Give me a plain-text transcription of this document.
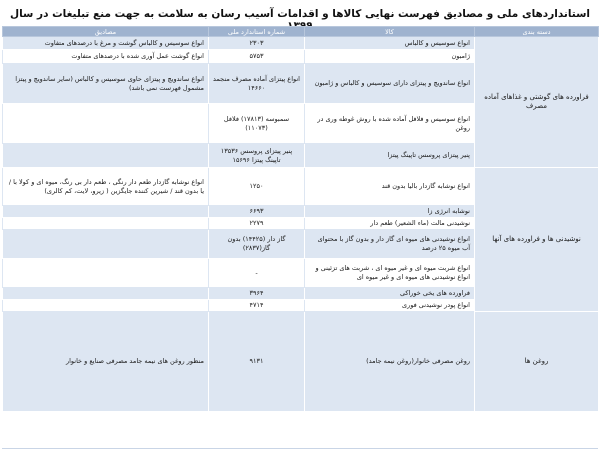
استانداردهای ملی و مصادیق فهرست نهایی کالاها و اقدامات آسیب رسان به سلامت به جهت منع تبلیغات در سال
دسته بندی	کالا	شماره استاندارد ملی	مصادیق
فراورده های گوشتی و غذاهای آماده مصرف	انواع سوسیس و کالباس	۲۳۰۳	انواع سوسیس و کالباس گوشت و مرغ با درصدهای متفاوت
	ژامبون	۵۷۵۳	انواع گوشت عمل آوری شده با درصدهای متفاوت
	انواع ساندویچ و پیتزای دارای سوسیس و کالباس و ژامبون	انواع پیتزای آماده مصرف منجمد ۱۴۶۶۰	انواع ساندویچ و پیتزای حاوی سوسیس و کالباس (سایر ساندویچ و پیتزا مشمول فهرست نمی باشد)
	انواع سوسیس و فلافل آماده شده با روش غوطه وری در روغن	سمبوسه (۱۷۸۱۳) فلافل (۱۱۰۷۳)	
	پنیر پیتزای پروسس تاپینگ پیتزا	پنیر پیتزای پروسس ۱۳۵۳۶ تاپینگ پیتزا ۱۵۶۹۶	
نوشیدنی ها و فراورده های آنها	انواع نوشابه گازدار بالیا بدون قند	۱۲۵۰	انواع نوشابه گازدار طعم دار رنگی ، طعم دار بی رنگ، میوه ای و کولا با /یا بدون قند / شیرین کننده جایگزین ( زیرو، لایت، کم کالری)
	نوشابه انرژی زا	۶۶۹۳	
	نوشیدنی مالت (ماء الشعیر) طعم دار	۲۲۷۹	
	انواع نوشیدنی های میوه ای گاز دار و بدون گاز با محتوای آب میوه ۲۵ درصد	گاز دار (۱۴۴۲۵) بدون گاز(۲۸۳۷)	
	انواع شربت میوه ای و غیر میوه ای ، شربت های تزئینی و انواع نوشیدنی های میوه ای و غیر میوه ای	-	
	فراورده های یخی خوراکی	۳۹۶۴	
	انواع پودر نوشیدنی فوری	۴۷۱۴	
روغن ها	روغن مصرفی خانوار(روغن نیمه جامد)	۹۱۳۱	منظور روغن های نیمه جامد مصرفی صنایع و خانوار
